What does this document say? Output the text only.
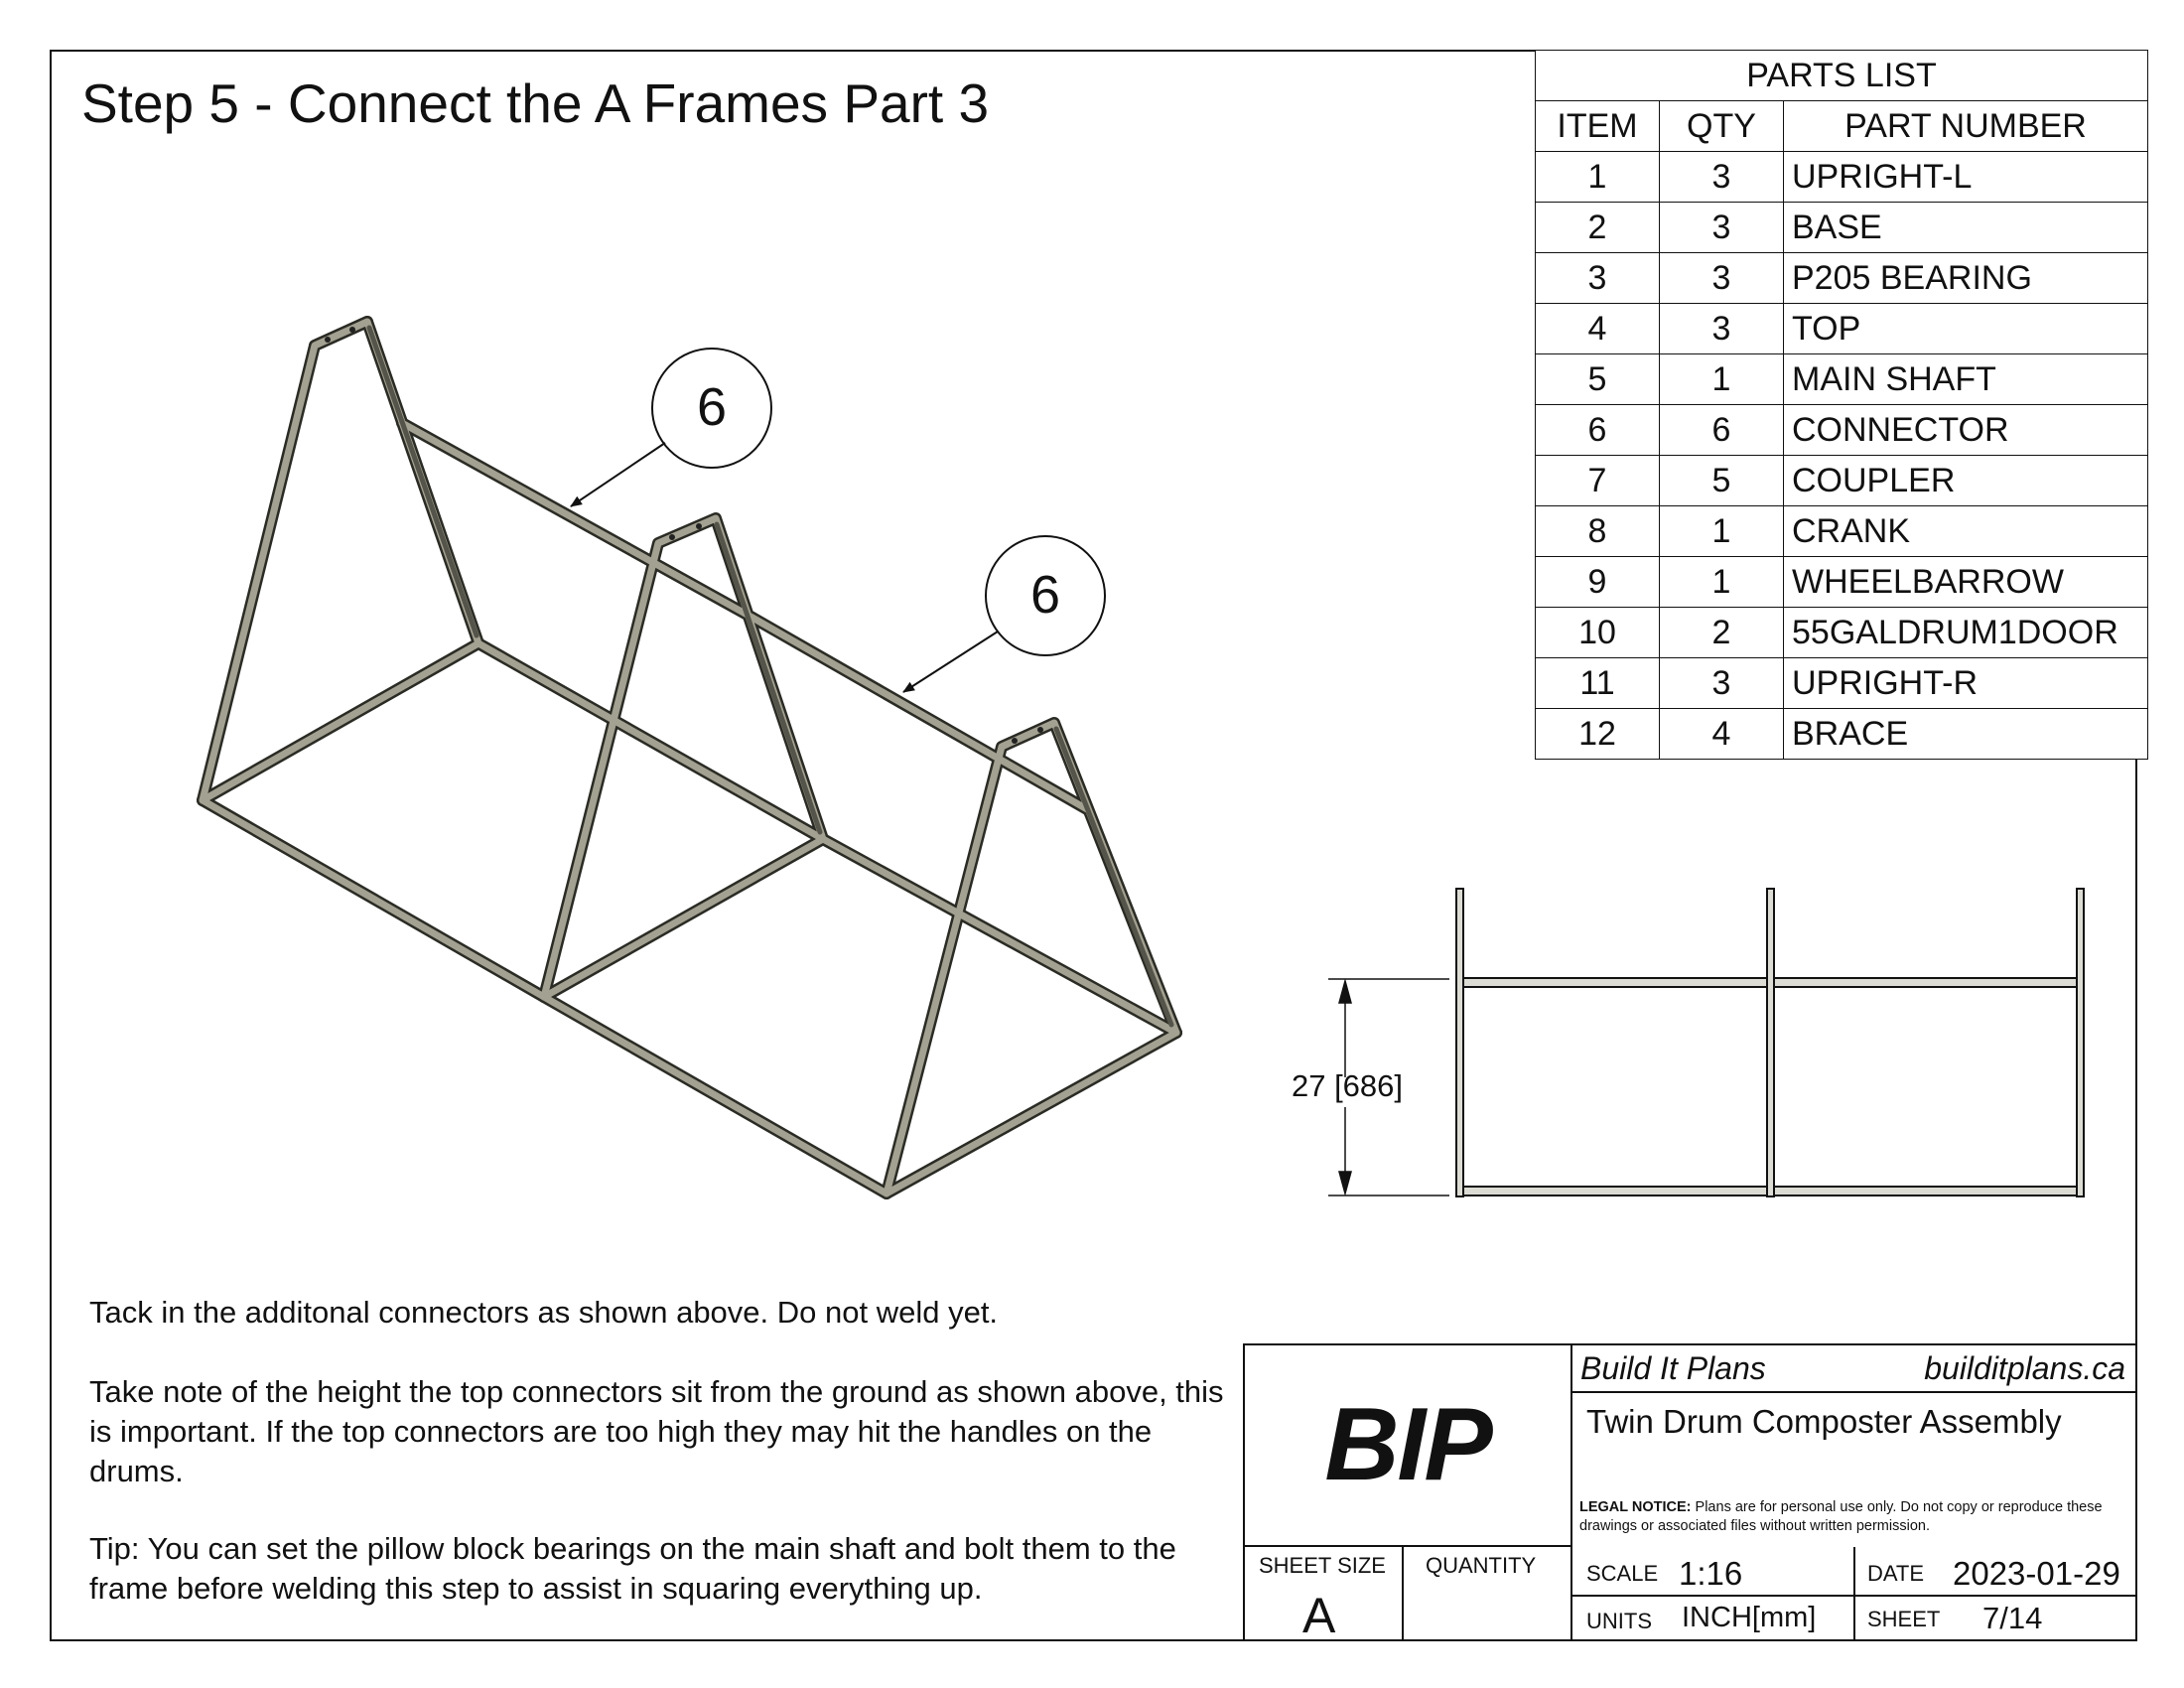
Step 5 - Connect the A Frames Part 3	PARTS LIST		
ITEM	QTY	PART NUMBER
1	3	UPRIGHT-L
2	3	BASE
3	3	P205 BEARING
4	3	TOP
5	1	MAIN SHAFT
6	6	CONNECTOR
7	5	COUPLER
8	1	CRANK
9	1	WHEELBARROW
10	2	55GALDRUM1DOOR
11	3	UPRIGHT-R
12	4	BRACE
6
6
27 [686]
Tack in the additonal connectors as shown above. Do not weld yet.
Take note of the height the top connectors sit from the ground as shown above, this is important. If the top connectors are too high they may hit the handles on the drums.
Tip: You can set the pillow block bearings on the main shaft and bolt them to the frame before welding this step to assist in squaring everything up.
BIP
Build It Plans	builditplans.ca
Twin Drum Composter Assembly
LEGAL NOTICE: Plans are for personal use only. Do not copy or reproduce these drawings or associated files without written permission.
SHEET SIZE
A
QUANTITY SCALE 1:16	DATE 2023-01-29
UNITS INCH[mm] SHEET 7/14
